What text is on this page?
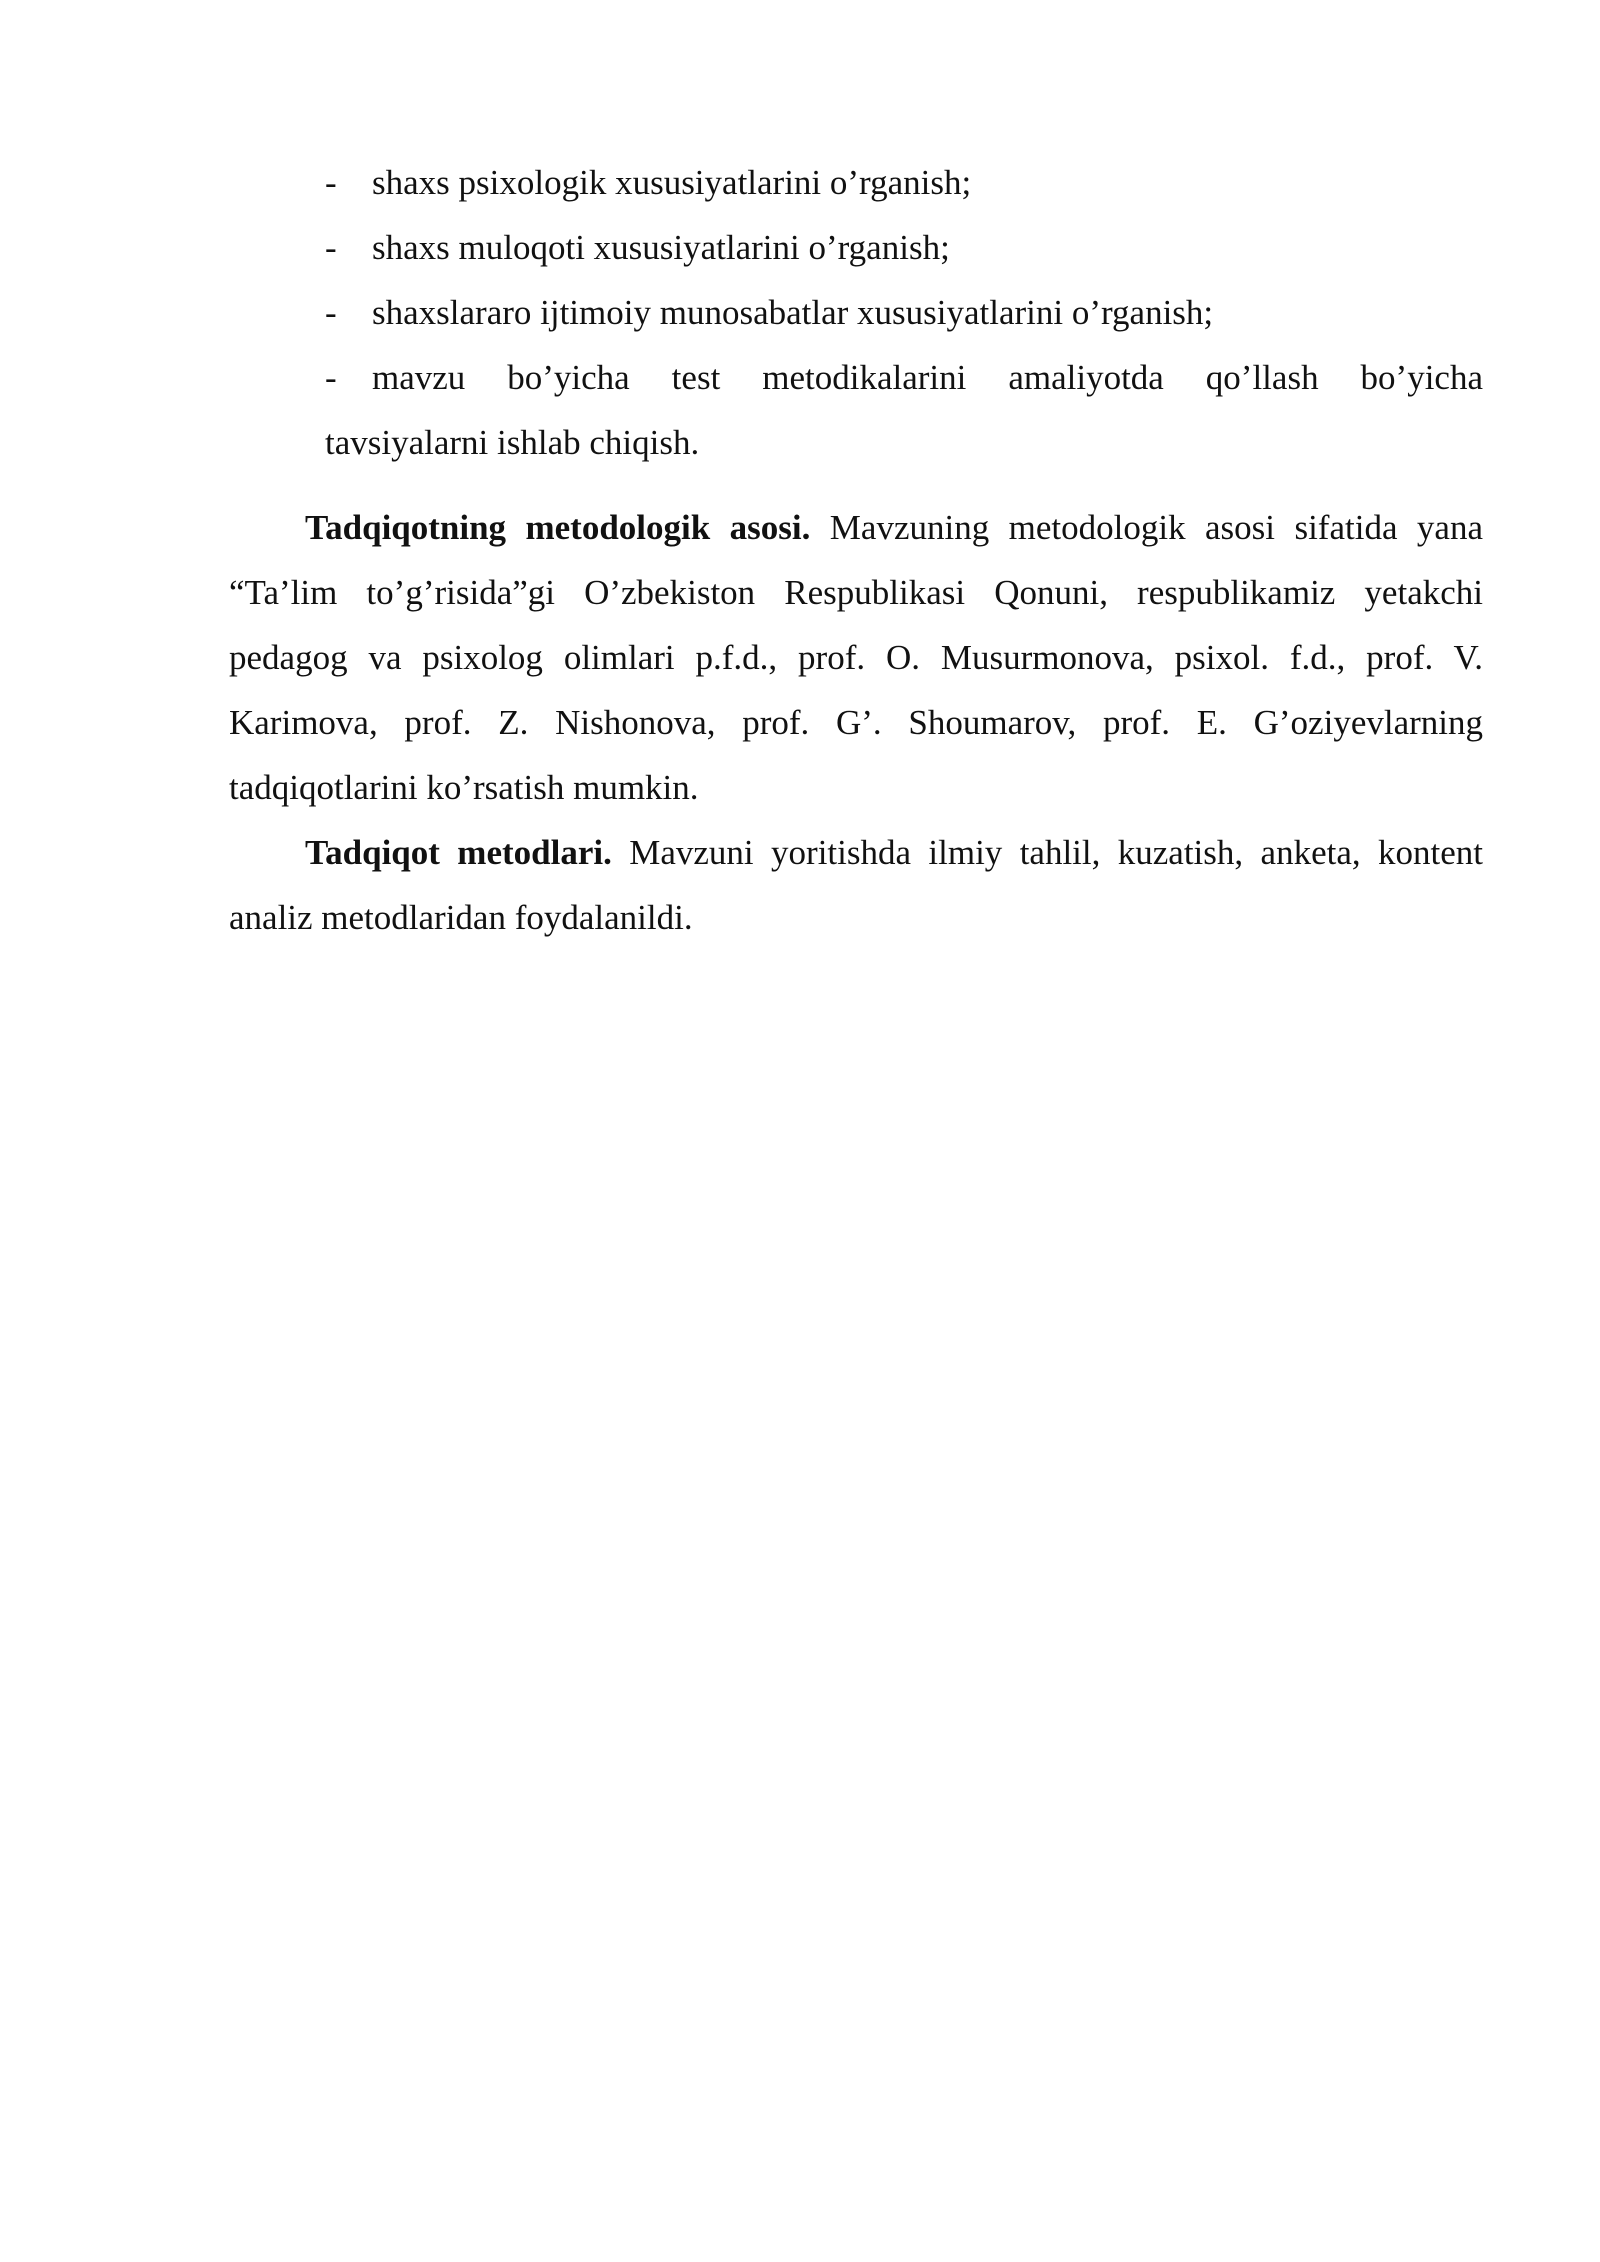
-	shaxs psixologik xususiyatlarini o’rganish;
-	shaxs muloqoti xususiyatlarini o’rganish;
-	shaxslararo ijtimoiy munosabatlar xususiyatlarini o’rganish;
-	mavzu bo’yicha test metodikalarini amaliyotda qo’llash bo’yicha

tavsiyalarni ishlab chiqish.

Tadqiqotning metodologik asosi. Mavzuning metodologik asosi sifatida yana “Ta’lim to’g’risida”gi O’zbekiston Respublikasi Qonuni, respublikamiz yetakchi pedagog va psixolog olimlari p.f.d., prof. O. Musurmonova, psixol. f.d., prof. V. Karimova, prof. Z. Nishonova, prof. G’. Shoumarov, prof. E. G’oziyevlarning tadqiqotlarini ko’rsatish mumkin.

Tadqiqot metodlari. Mavzuni yoritishda ilmiy tahlil, kuzatish, anketa, kontent analiz metodlaridan foydalanildi.
